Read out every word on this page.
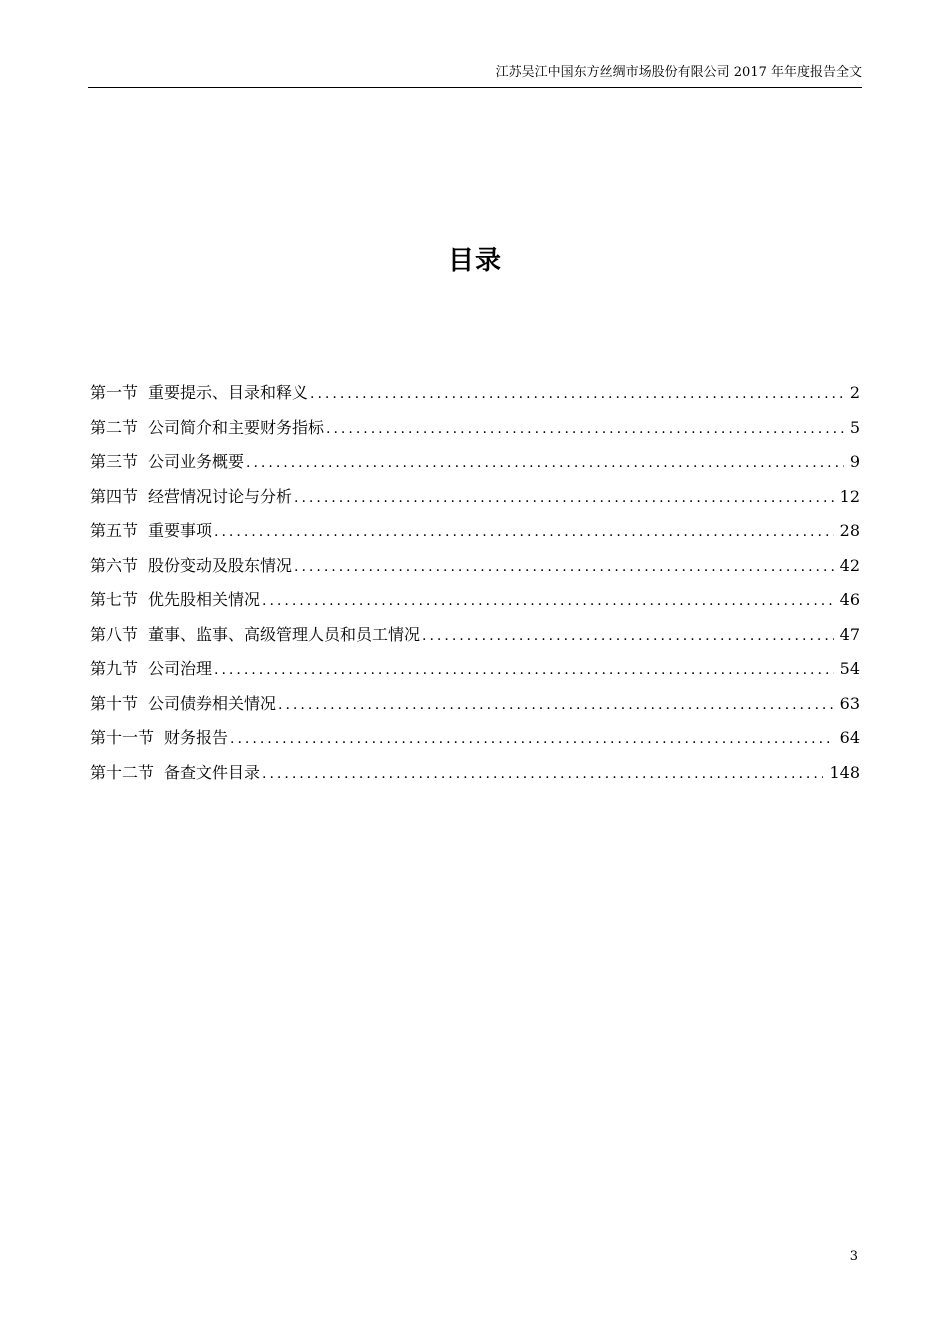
江苏吴江中国东方丝绸市场股份有限公司 2017 年年度报告全文
目录
第一节 重要提示、目录和释义 .....	2
第二节 公司简介和主要财务指标 .....	5
第三节 公司业务概要 .....	9
第四节 经营情况讨论与分析 .....	12
第五节 重要事项 .....	28
第六节 股份变动及股东情况 .....	42
第七节 优先股相关情况 .....	46
第八节 董事、监事、高级管理人员和员工情况 .....	47
第九节 公司治理 .....	54
第十节 公司债券相关情况 .....	63
第十一节 财务报告 .....	64
第十二节 备查文件目录 .....	148
3
